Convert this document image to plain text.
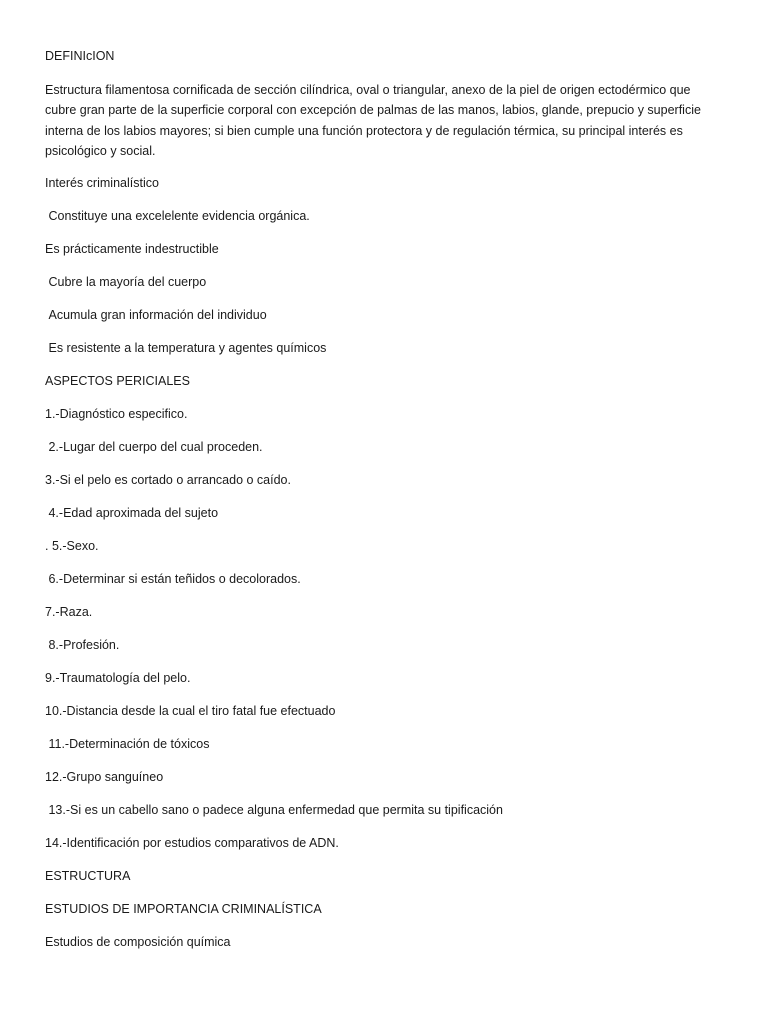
DEFINIcION
Estructura filamentosa cornificada de sección cilíndrica, oval o triangular, anexo de la piel de origen ectodérmico que cubre gran parte de la superficie corporal con excepción de palmas de las manos, labios, glande, prepucio y superficie interna de los labios mayores; si bien cumple una función protectora y de regulación térmica, su principal interés es psicológico y social.
Interés criminalístico
Constituye una excelelente evidencia orgánica.
Es prácticamente indestructible
Cubre la mayoría del cuerpo
Acumula gran información del individuo
Es resistente a la temperatura y agentes químicos
ASPECTOS PERICIALES
1.-Diagnóstico especifico.
2.-Lugar del cuerpo del cual proceden.
3.-Si el pelo es cortado o arrancado o caído.
4.-Edad aproximada del sujeto
. 5.-Sexo.
6.-Determinar si están teñidos o decolorados.
7.-Raza.
8.-Profesión.
9.-Traumatología del pelo.
10.-Distancia desde la cual el tiro fatal fue efectuado
11.-Determinación de tóxicos
12.-Grupo sanguíneo
13.-Si es un cabello sano o padece alguna enfermedad que permita su tipificación
14.-Identificación por estudios comparativos de ADN.
ESTRUCTURA
ESTUDIOS DE IMPORTANCIA CRIMINALÍSTICA
Estudios de composición química
